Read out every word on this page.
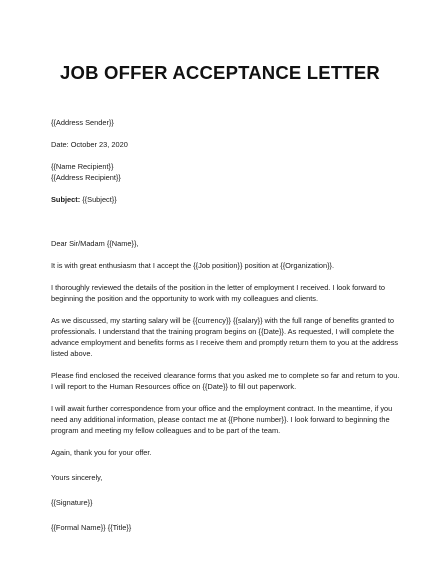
JOB OFFER ACCEPTANCE LETTER

{{Address Sender}}

Date: October 23, 2020

{{Name Recipient}}

{{Address Recipient}}

Subject: {{Subject}}

Dear Sir/Madam {{Name}},

It is with great enthusiasm that I accept the {{Job position}} position at {{Organization}}.

I thoroughly reviewed the details of the position in the letter of employment I received. I look forward to beginning the position and the opportunity to work with my colleagues and clients.

As we discussed, my starting salary will be {{currency}} {{salary}} with the full range of benefits granted to professionals. I understand that the training program begins on {{Date}}. As requested, I will complete the advance employment and benefits forms as I receive them and promptly return them to you at the address listed above.

Please find enclosed the received clearance forms that you asked me to complete so far and return to you. I will report to the Human Resources office on {{Date}} to fill out paperwork.

I will await further correspondence from your office and the employment contract. In the meantime, if you need any additional information, please contact me at {{Phone number}}. I look forward to beginning the program and meeting my fellow colleagues and to be part of the team.

Again, thank you for your offer.

Yours sincerely,

{{Signature}}

{{Formal Name}} {{Title}}
